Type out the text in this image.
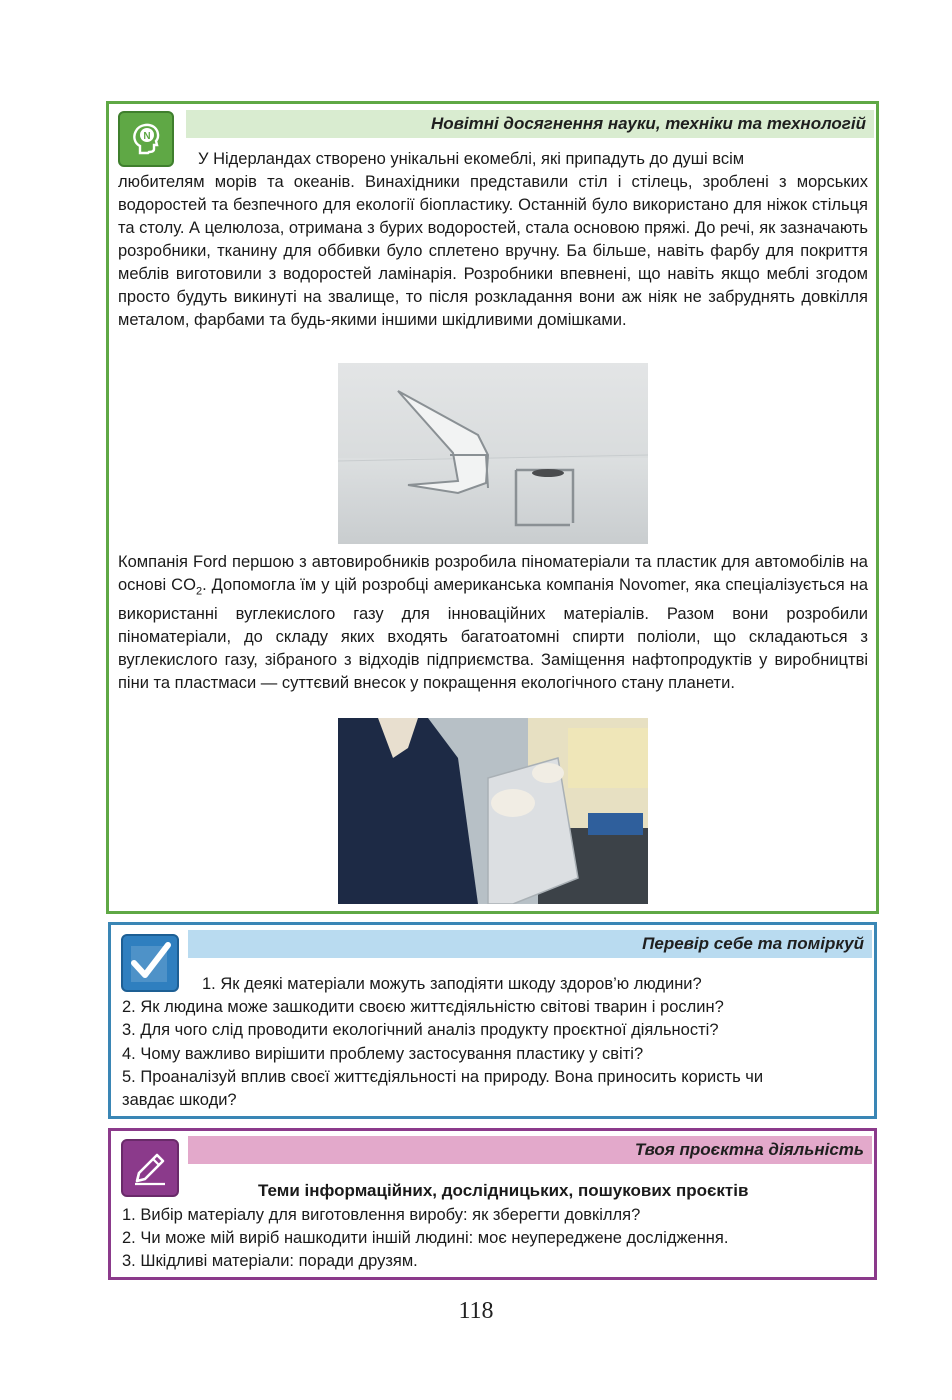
Новітні досягнення науки, техніки та технологій
N

У Нідерландах створено унікальні екомеблі, які припадуть до душі всім
любителям морів та океанів. Винахідники представили стіл і стілець, зроблені з морських водоростей та безпечного для екології біопластику. Останній було використано для ніжок стільця та столу. А целюлоза, отримана з бурих водоростей, стала основою пряжі. До речі, як зазначають розробники, тканину для оббивки було сплетено вручну. Ба більше, навіть фарбу для покриття меблів виготовили з водоростей ламінарія. Розробники впевнені, що навіть якщо меблі згодом просто будуть викинуті на звалище, то після розкладання вони аж ніяк не забруднять довкілля металом, фарбами та будь-якими іншими шкідливими домішками.

Компанія Ford першою з автовиробників розробила піноматеріали та пластик для автомобілів на основі $CO_2$. Допомогла їм у цій розробці американська компанія Novomer, яка спеціалізується на використанні вуглекислого газу для інноваційних матеріалів. Разом вони розробили піноматеріали, до складу яких входять багатоатомні спирти поліоли, що складаються з вуглекислого газу, зібраного з відходів підприємства. Заміщення нафтопродуктів у виробництві піни та пластмаси — суттєвий внесок у покращення екологічного стану планети.

Перевір себе та поміркуй
1. Як деякі матеріали можуть заподіяти шкоду здоров’ю людини?
2. Як людина може зашкодити своєю життєдіяльністю світові тварин і рослин?
3. Для чого слід проводити екологічний аналіз продукту проєктної діяльності?
4. Чому важливо вирішити проблему застосування пластику у світі?
5. Проаналізуй вплив своєї життєдіяльності на природу. Вона приносить користь чи
завдає шкоди?
Твоя проєктна діяльність
Теми інформаційних, дослідницьких, пошукових проєктів
1. Вибір матеріалу для виготовлення виробу: як зберегти довкілля?
2. Чи може мій виріб нашкодити іншій людині: моє неупереджене дослідження.
3. Шкідливі матеріали: поради друзям.
118
